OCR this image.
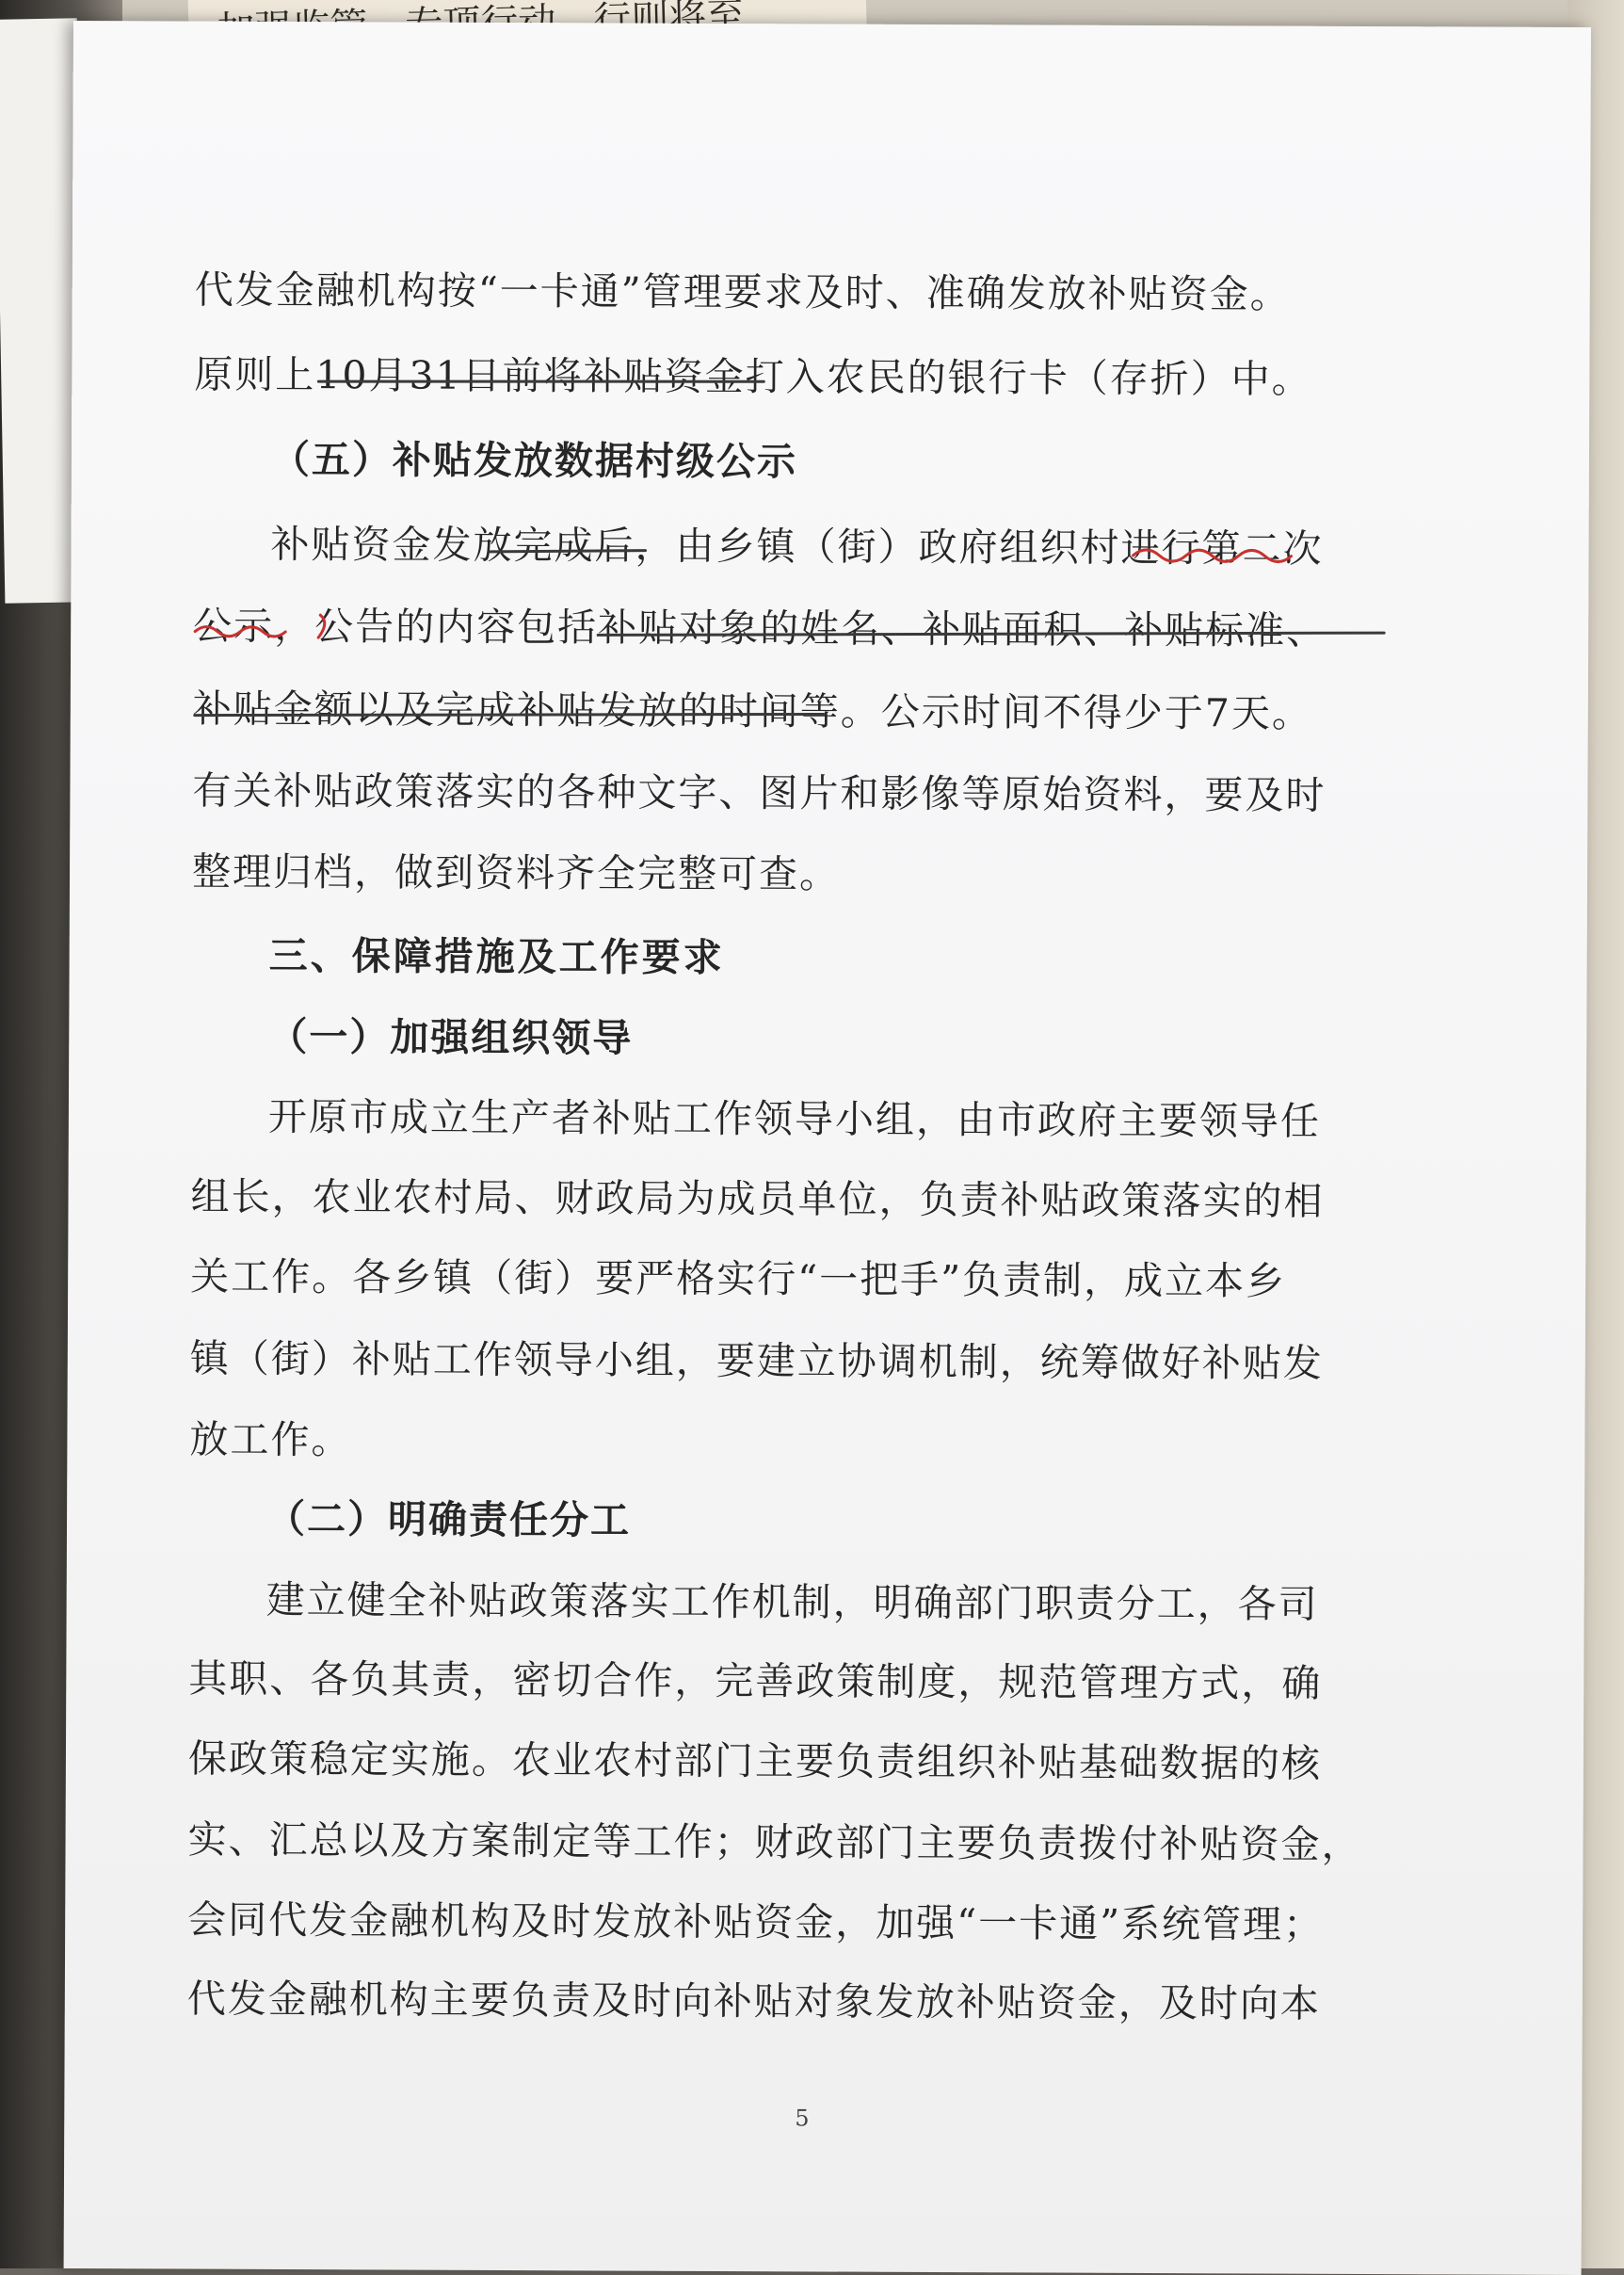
代发金融机构按“一卡通”管理要求及时、准确发放补贴资金。
原则上10月31日前将补贴资金打入农民的银行卡（存折）中。
（五）补贴发放数据村级公示
补贴资金发放完成后，由乡镇（街）政府组织村进行第二次
公示，公告的内容包括补贴对象的姓名、补贴面积、补贴标准、
补贴金额以及完成补贴发放的时间等。公示时间不得少于7天。
有关补贴政策落实的各种文字、图片和影像等原始资料，要及时
整理归档，做到资料齐全完整可查。
三、保障措施及工作要求
（一）加强组织领导
开原市成立生产者补贴工作领导小组，由市政府主要领导任
组长，农业农村局、财政局为成员单位，负责补贴政策落实的相
关工作。各乡镇（街）要严格实行“一把手”负责制，成立本乡
镇（街）补贴工作领导小组，要建立协调机制，统筹做好补贴发
放工作。
（二）明确责任分工
建立健全补贴政策落实工作机制，明确部门职责分工，各司
其职、各负其责，密切合作，完善政策制度，规范管理方式，确
保政策稳定实施。农业农村部门主要负责组织补贴基础数据的核
实、汇总以及方案制定等工作；财政部门主要负责拨付补贴资金，
会同代发金融机构及时发放补贴资金，加强“一卡通”系统管理；
代发金融机构主要负责及时向补贴对象发放补贴资金，及时向本
5
